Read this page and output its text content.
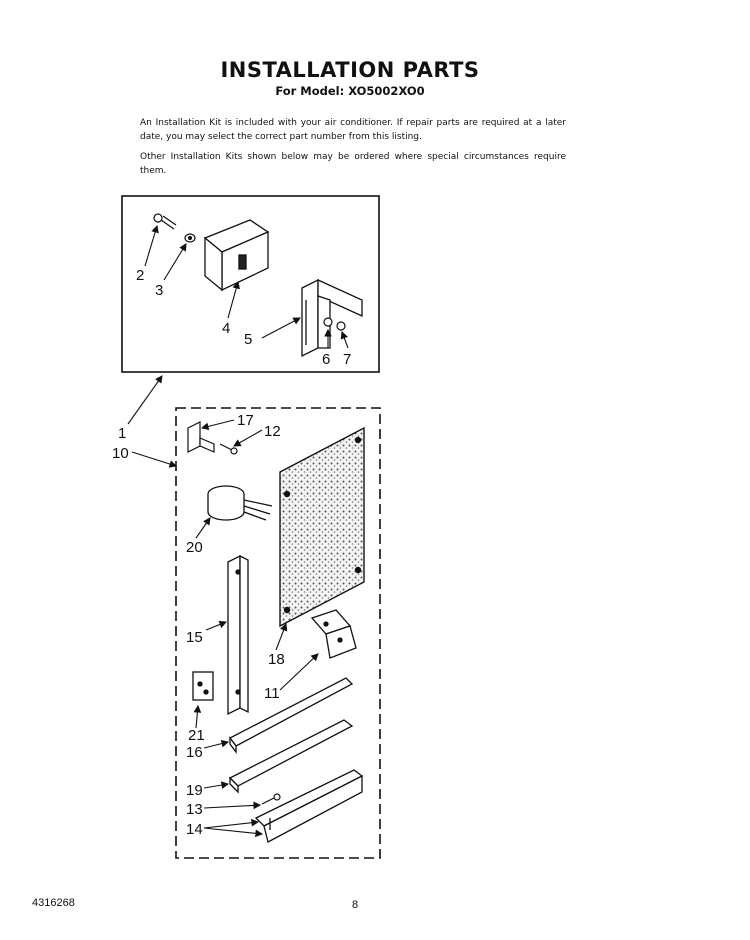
INSTALLATION PARTS
For Model: XO5002XO0
An Installation Kit is included with your air conditioner. If repair parts are required at a later date, you may select the correct part number from this listing.
Other Installation Kits shown below may be ordered where special circumstances require them.
2
3
4
5
6 7
1
10
17
12
20
15
18
11
21
16
19
13
14
4316268	8
